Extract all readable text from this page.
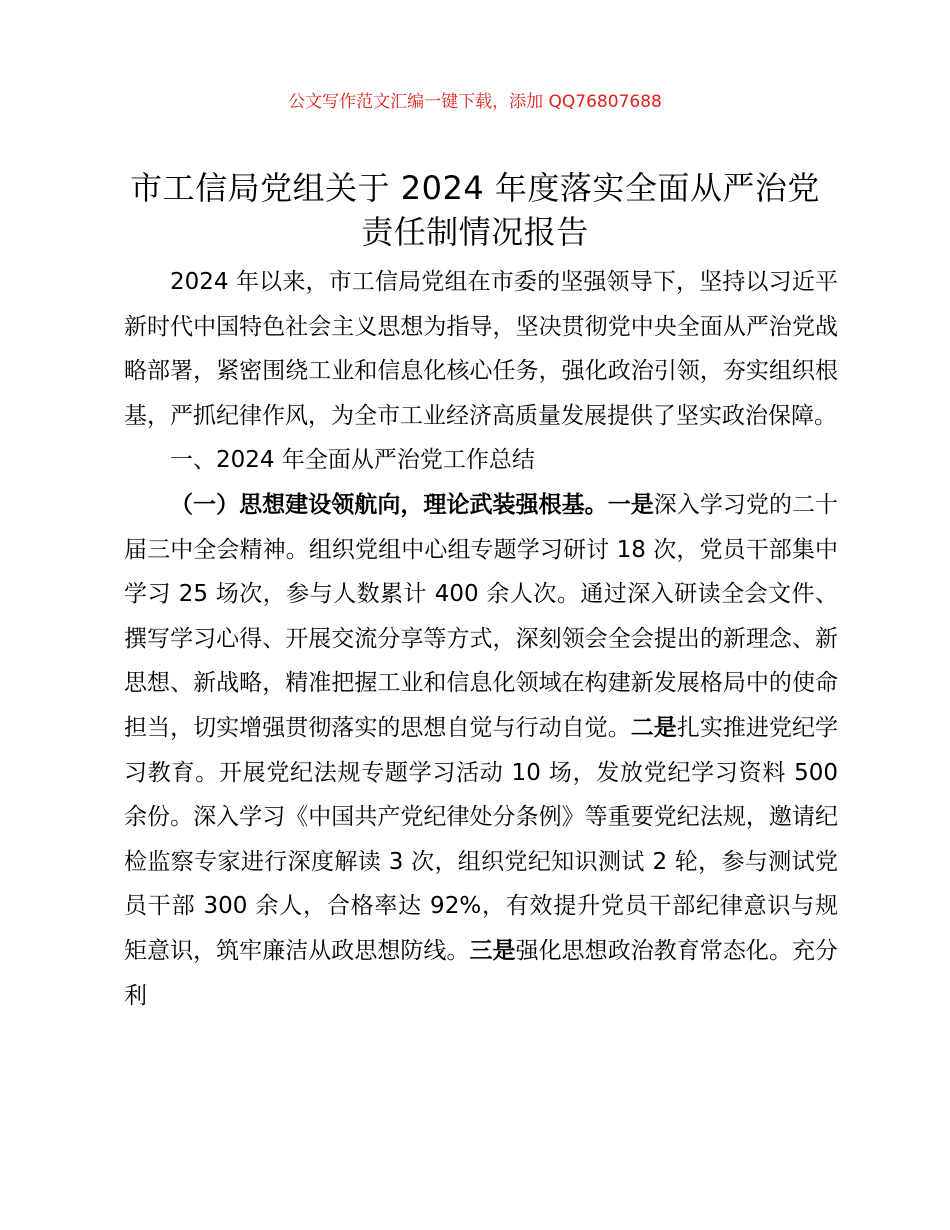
公文写作范文汇编一键下载，添加 QQ76807688
市工信局党组关于 2024 年度落实全面从严治党
责任制情况报告

2024 年以来，市工信局党组在市委的坚强领导下，坚持以习近平新时代中国特色社会主义思想为指导，坚决贯彻党中央全面从严治党战略部署，紧密围绕工业和信息化核心任务，强化政治引领，夯实组织根基，严抓纪律作风，为全市工业经济高质量发展提供了坚实政治保障。

一、2024 年全面从严治党工作总结

（一）思想建设领航向，理论武装强根基。一是深入学习党的二十届三中全会精神。组织党组中心组专题学习研讨 18 次，党员干部集中学习 25 场次，参与人数累计 400 余人次。通过深入研读全会文件、撰写学习心得、开展交流分享等方式，深刻领会全会提出的新理念、新思想、新战略，精准把握工业和信息化领域在构建新发展格局中的使命担当，切实增强贯彻落实的思想自觉与行动自觉。二是扎实推进党纪学习教育。开展党纪法规专题学习活动 10 场，发放党纪学习资料 500 余份。深入学习《中国共产党纪律处分条例》等重要党纪法规，邀请纪检监察专家进行深度解读 3 次，组织党纪知识测试 2 轮，参与测试党员干部 300 余人，合格率达 92%，有效提升党员干部纪律意识与规矩意识，筑牢廉洁从政思想防线。三是强化思想政治教育常态化。充分利
